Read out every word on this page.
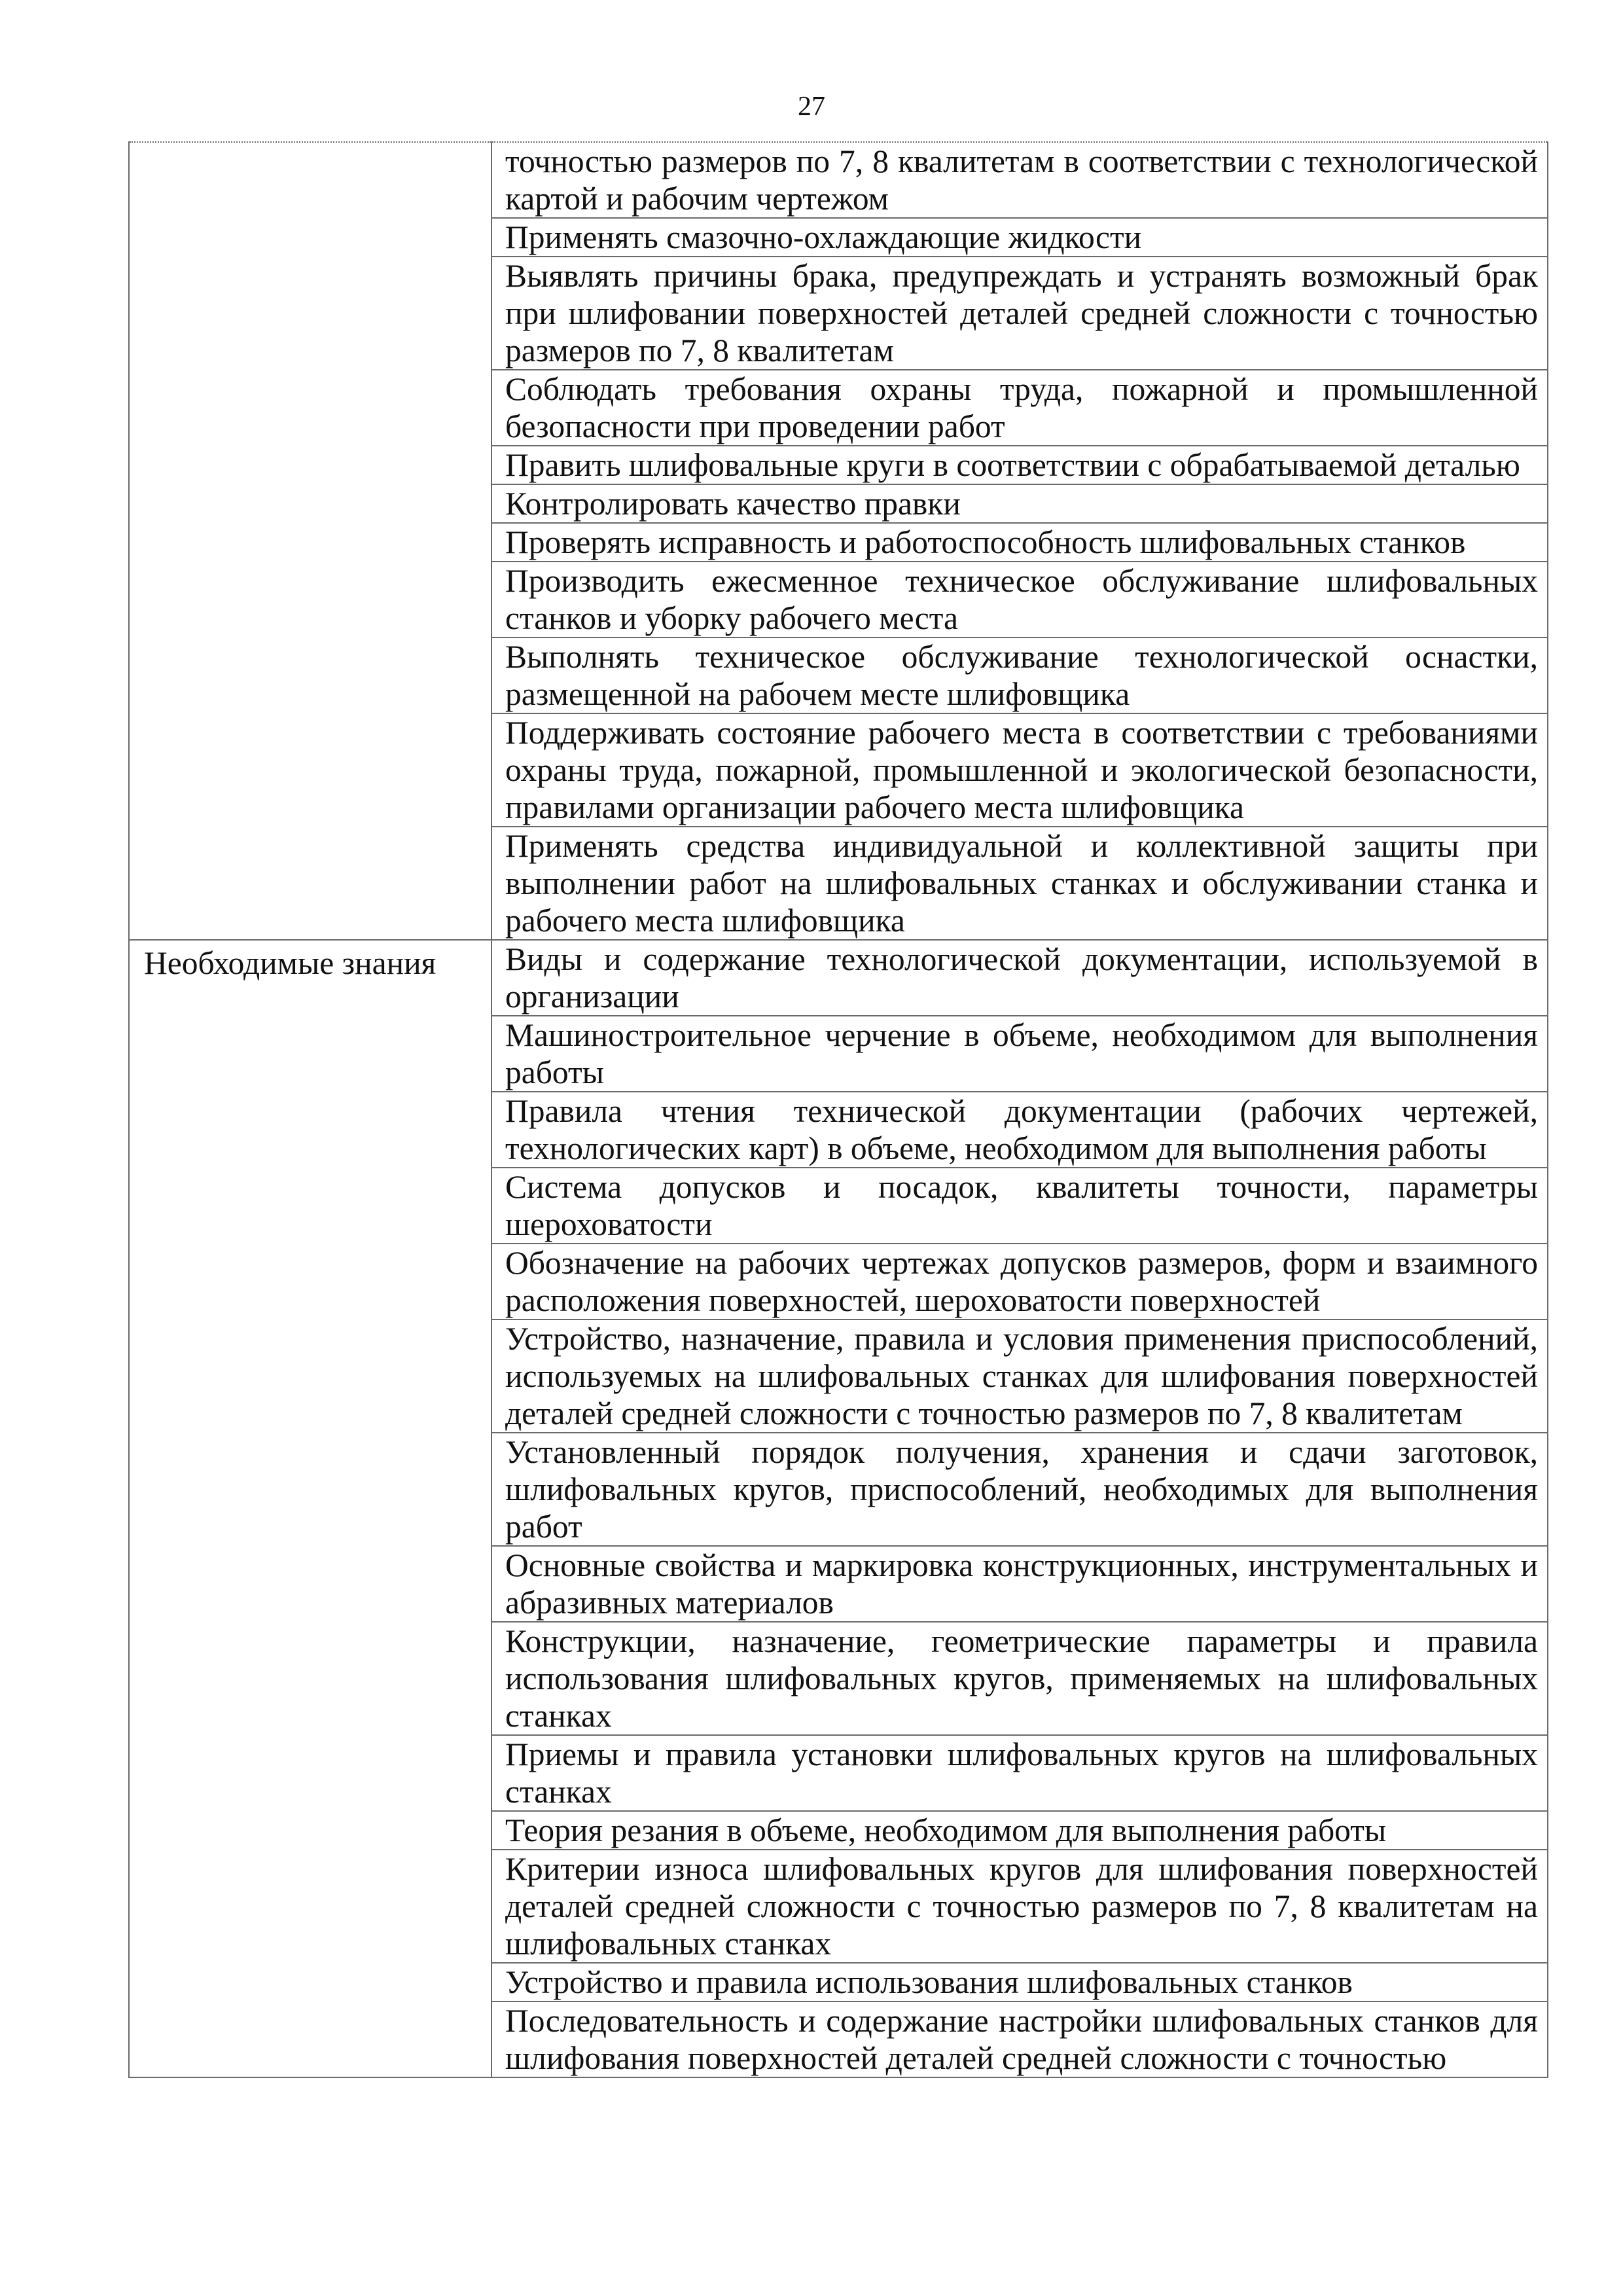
27
	точностью размеров по 7, 8 квалитетам в соответствии с технологической картой и рабочим чертежом
	Применять смазочно-охлаждающие жидкости
	Выявлять причины брака, предупреждать и устранять возможный брак при шлифовании поверхностей деталей средней сложности с точностью размеров по 7, 8 квалитетам
	Соблюдать требования охраны труда, пожарной и промышленной безопасности при проведении работ
	Править шлифовальные круги в соответствии с обрабатываемой деталью
	Контролировать качество правки
	Проверять исправность и работоспособность шлифовальных станков
	Производить ежесменное техническое обслуживание шлифовальных станков и уборку рабочего места
	Выполнять техническое обслуживание технологической оснастки, размещенной на рабочем месте шлифовщика
	Поддерживать состояние рабочего места в соответствии с требованиями охраны труда, пожарной, промышленной и экологической безопасности, правилами организации рабочего места шлифовщика
	Применять средства индивидуальной и коллективной защиты при выполнении работ на шлифовальных станках и обслуживании станка и рабочего места шлифовщика
Необходимые знания	Виды и содержание технологической документации, используемой в организации
	Машиностроительное черчение в объеме, необходимом для выполнения работы
	Правила чтения технической документации (рабочих чертежей, технологических карт) в объеме, необходимом для выполнения работы
	Система допусков и посадок, квалитеты точности, параметры шероховатости
	Обозначение на рабочих чертежах допусков размеров, форм и взаимного расположения поверхностей, шероховатости поверхностей
	Устройство, назначение, правила и условия применения приспособлений, используемых на шлифовальных станках для шлифования поверхностей деталей средней сложности с точностью размеров по 7, 8 квалитетам
	Установленный порядок получения, хранения и сдачи заготовок, шлифовальных кругов, приспособлений, необходимых для выполнения работ
	Основные свойства и маркировка конструкционных, инструментальных и абразивных материалов
	Конструкции, назначение, геометрические параметры и правила использования шлифовальных кругов, применяемых на шлифовальных станках
	Приемы и правила установки шлифовальных кругов на шлифовальных станках
	Теория резания в объеме, необходимом для выполнения работы
	Критерии износа шлифовальных кругов для шлифования поверхностей деталей средней сложности с точностью размеров по 7, 8 квалитетам на шлифовальных станках
	Устройство и правила использования шлифовальных станков
	Последовательность и содержание настройки шлифовальных станков для шлифования поверхностей деталей средней сложности с точностью
